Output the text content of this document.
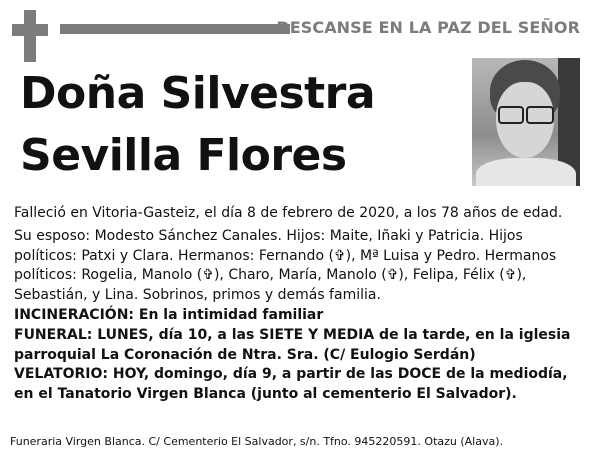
DESCANSE EN LA PAZ DEL SEÑOR
Doña Silvestra
Sevilla Flores

Falleció en Vitoria-Gasteiz, el día 8 de febrero de 2020, a los 78 años de edad.

Su esposo: Modesto Sánchez Canales. Hijos: Maite, Iñaki y Patricia. Hijos políticos: Patxi y Clara. Hermanos: Fernando (✞), Mª Luisa y Pedro. Hermanos políticos: Rogelia, Manolo (✞), Charo, María, Manolo (✞), Felipa, Félix (✞), Sebastián, y Lina. Sobrinos, primos y demás familia.

INCINERACIÓN: En la intimidad familiar

FUNERAL: LUNES, día 10, a las SIETE Y MEDIA de la tarde, en la iglesia parroquial La Coronación de Ntra. Sra. (C/ Eulogio Serdán)

VELATORIO: HOY, domingo, día 9, a partir de las DOCE de la mediodía, en el Tanatorio Virgen Blanca (junto al cementerio El Salvador).

Funeraria Virgen Blanca. C/ Cementerio El Salvador, s/n. Tfno. 945220591. Otazu (Alava).
